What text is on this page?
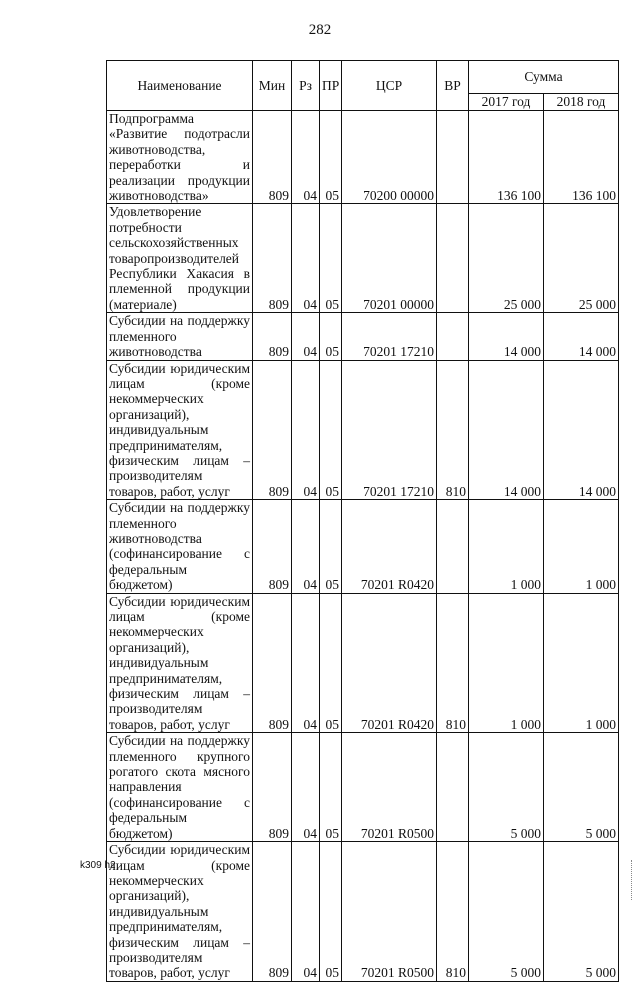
282
Наименование	Мин	Рз	ПР	ЦСР	ВР	Сумма	
						2017 год	2018 год
Подпрограмма «Развитие подотрасли животноводства, переработки и реализации продукции животноводства»	809	04	05	70200 00000		136 100	136 100
Удовлетворение потребности сельскохозяйственных товаропроизводителей Республики Хакасия в племенной продукции (материале)	809	04	05	70201 00000		25 000	25 000
Субсидии на поддержку племенного животноводства	809	04	05	70201 17210		14 000	14 000
Субсидии юридическим лицам (кроме некоммерческих организаций), индивидуальным предпринимателям, физическим лицам – производителям товаров, работ, услуг	809	04	05	70201 17210	810	14 000	14 000
Субсидии на поддержку племенного животноводства (софинансирование с федеральным бюджетом)	809	04	05	70201 R0420		1 000	1 000
Субсидии юридическим лицам (кроме некоммерческих организаций), индивидуальным предпринимателям, физическим лицам – производителям товаров, работ, услуг	809	04	05	70201 R0420	810	1 000	1 000
Субсидии на поддержку племенного крупного рогатого скота мясного направления (софинансирование с федеральным бюджетом)	809	04	05	70201 R0500		5 000	5 000
Субсидии юридическим лицам (кроме некоммерческих организаций), индивидуальным предпринимателям, физическим лицам – производителям товаров, работ, услуг	809	04	05	70201 R0500	810	5 000	5 000
k309 h2
